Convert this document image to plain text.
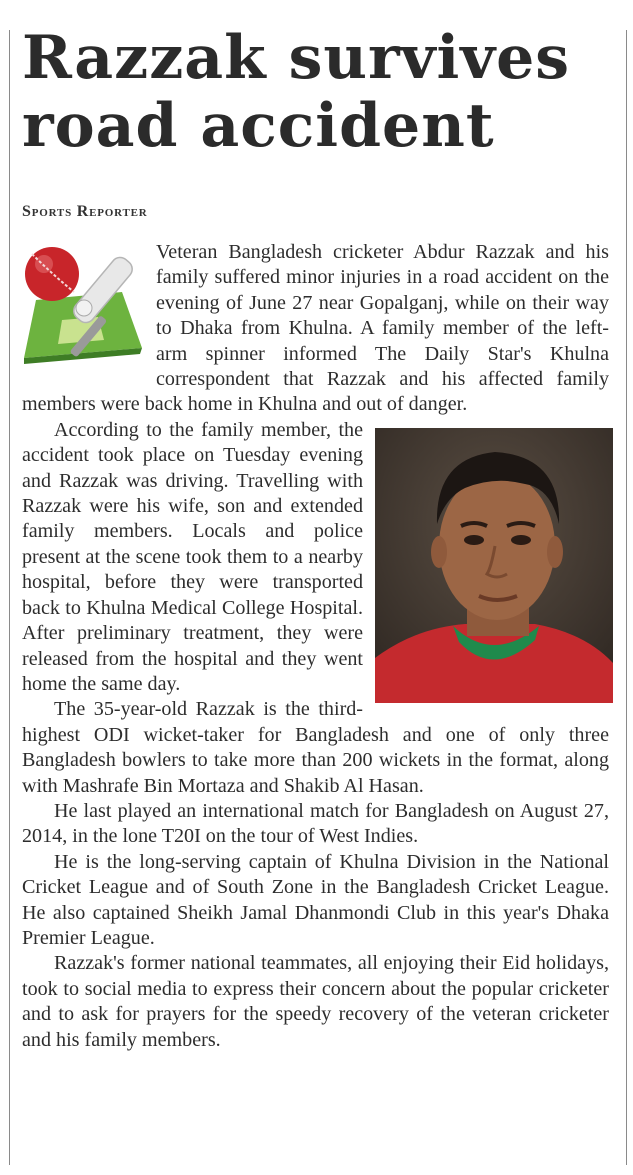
Razzak survives road accident
Sports Reporter

Veteran Bangladesh cricketer Abdur Razzak and his family suffered minor injuries in a road accident on the evening of June 27 near Gopalganj, while on their way to Dhaka from Khulna. A family member of the left-arm spinner informed The Daily Star's Khulna correspondent that Razzak and his affected family members were back home in Khulna and out of danger.

According to the family member, the accident took place on Tuesday evening and Razzak was driving. Travelling with Razzak were his wife, son and extended family members. Locals and police present at the scene took them to a nearby hospital, before they were transported back to Khulna Medical College Hospital. After preliminary treatment, they were released from the hospital and they went home the same day.

The 35-year-old Razzak is the third-highest ODI wicket-taker for Bangladesh and one of only three Bangladesh bowlers to take more than 200 wickets in the format, along with Mashrafe Bin Mortaza and Shakib Al Hasan.

He last played an international match for Bangladesh on August 27, 2014, in the lone T20I on the tour of West Indies.

He is the long-serving captain of Khulna Division in the National Cricket League and of South Zone in the Bangladesh Cricket League. He also captained Sheikh Jamal Dhanmondi Club in this year's Dhaka Premier League.

Razzak's former national teammates, all enjoying their Eid holidays, took to social media to express their concern about the popular cricketer and to ask for prayers for the speedy recovery of the veteran cricketer and his family members.
